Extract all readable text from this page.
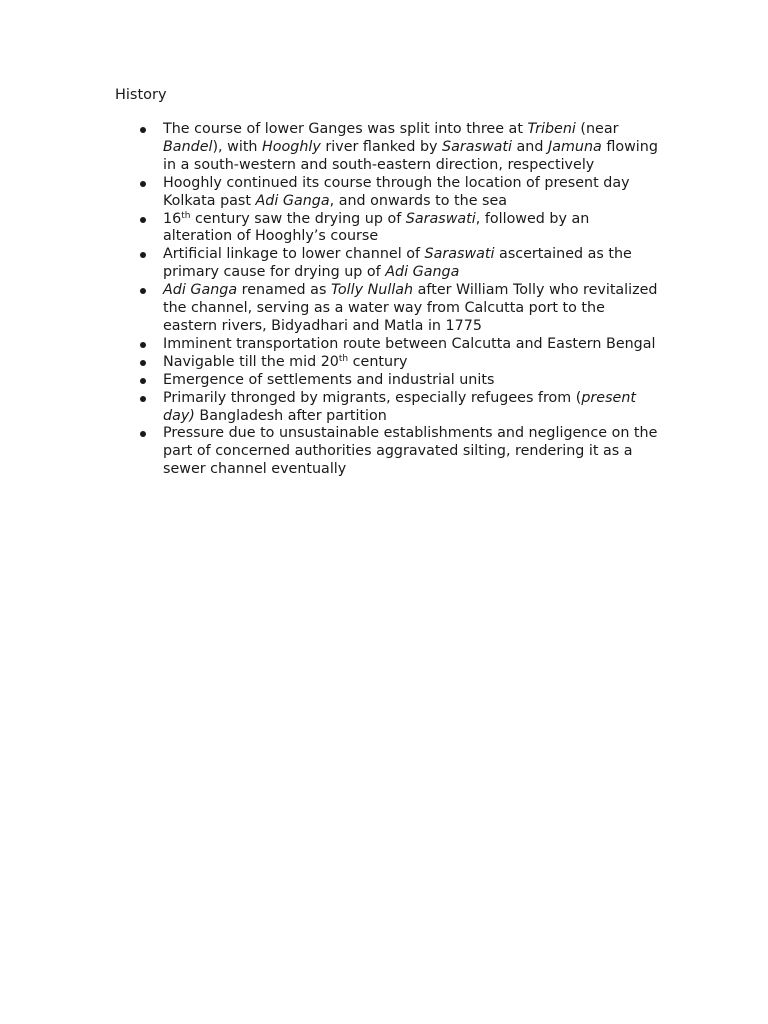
History
The course of lower Ganges was split into three at Tribeni (near Bandel), with Hooghly river flanked by Saraswati and Jamuna flowing in a south-western and south-eastern direction, respectively
Hooghly continued its course through the location of present day Kolkata past Adi Ganga, and onwards to the sea
16th century saw the drying up of Saraswati, followed by an alteration of Hooghly’s course
Artificial linkage to lower channel of Saraswati ascertained as the primary cause for drying up of Adi Ganga
Adi Ganga renamed as Tolly Nullah after William Tolly who revitalized the channel, serving as a water way from Calcutta port to the eastern rivers, Bidyadhari and Matla in 1775
Imminent transportation route between Calcutta and Eastern Bengal
Navigable till the mid 20th century
Emergence of settlements and industrial units
Primarily thronged by migrants, especially refugees from (present day) Bangladesh after partition
Pressure due to unsustainable establishments and negligence on the part of concerned authorities aggravated silting, rendering it as a sewer channel eventually
